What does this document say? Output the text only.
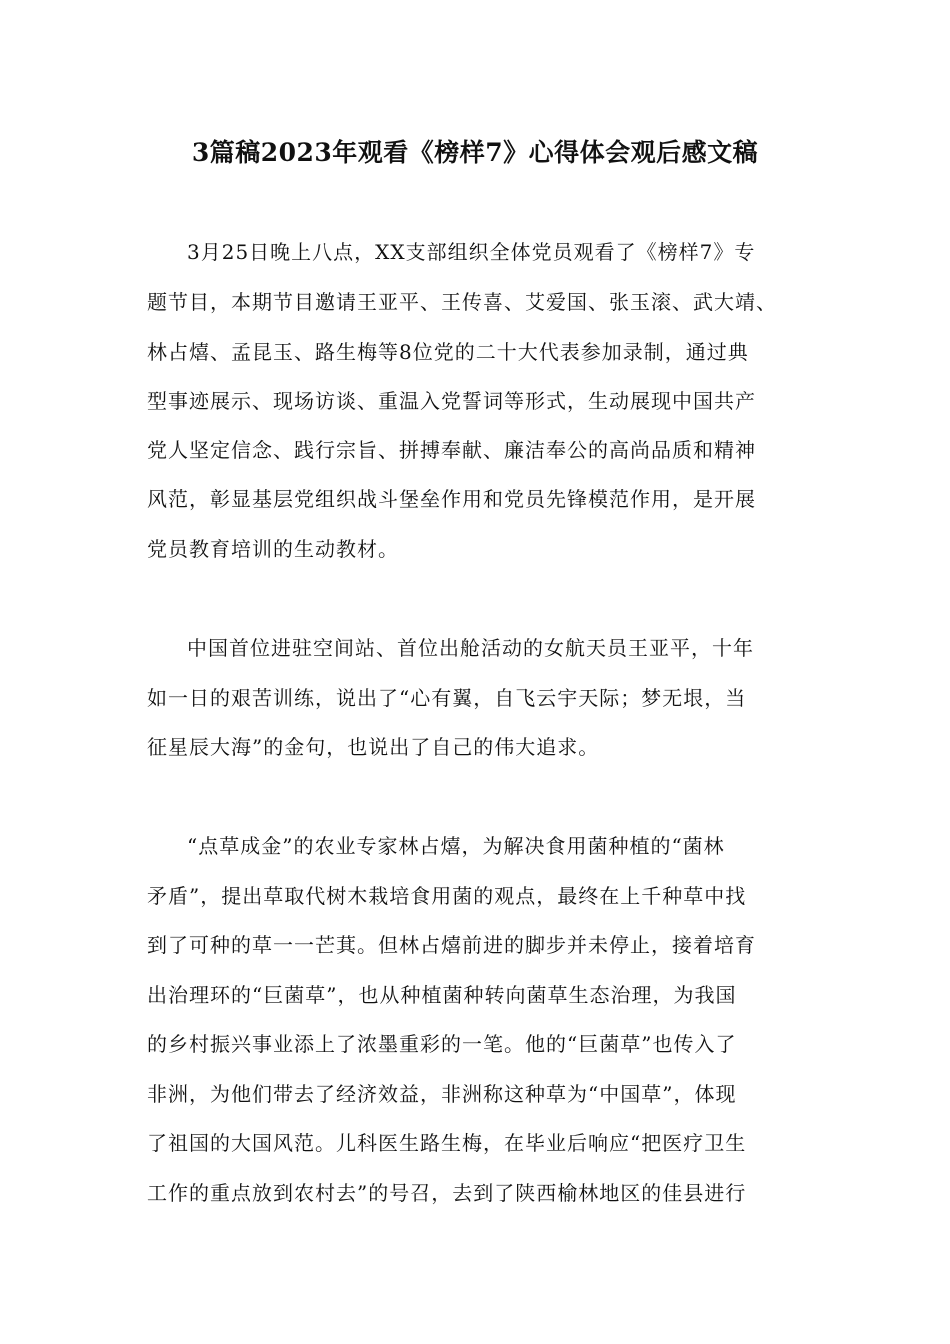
3篇稿2023年观看《榜样7》心得体会观后感文稿
3月25日晚上八点，XX支部组织全体党员观看了《榜样7》专
题节目，本期节目邀请王亚平、王传喜、艾爱国、张玉滚、武大靖、
林占熺、孟昆玉、路生梅等8位党的二十大代表参加录制，通过典
型事迹展示、现场访谈、重温入党誓词等形式，生动展现中国共产
党人坚定信念、践行宗旨、拼搏奉献、廉洁奉公的高尚品质和精神
风范，彰显基层党组织战斗堡垒作用和党员先锋模范作用，是开展
党员教育培训的生动教材。
中国首位进驻空间站、首位出舱活动的女航天员王亚平，十年
如一日的艰苦训练，说出了“心有翼，自飞云宇天际；梦无垠，当
征星辰大海”的金句，也说出了自己的伟大追求。
“点草成金”的农业专家林占熺，为解决食用菌种植的“菌林
矛盾”，提出草取代树木栽培食用菌的观点，最终在上千种草中找
到了可种的草一一芒萁。但林占熺前进的脚步并未停止，接着培育
出治理环的“巨菌草”，也从种植菌种转向菌草生态治理，为我国
的乡村振兴事业添上了浓墨重彩的一笔。他的“巨菌草”也传入了
非洲，为他们带去了经济效益，非洲称这种草为“中国草”，体现
了祖国的大国风范。儿科医生路生梅，在毕业后响应“把医疗卫生
工作的重点放到农村去”的号召，去到了陕西榆林地区的佳县进行
